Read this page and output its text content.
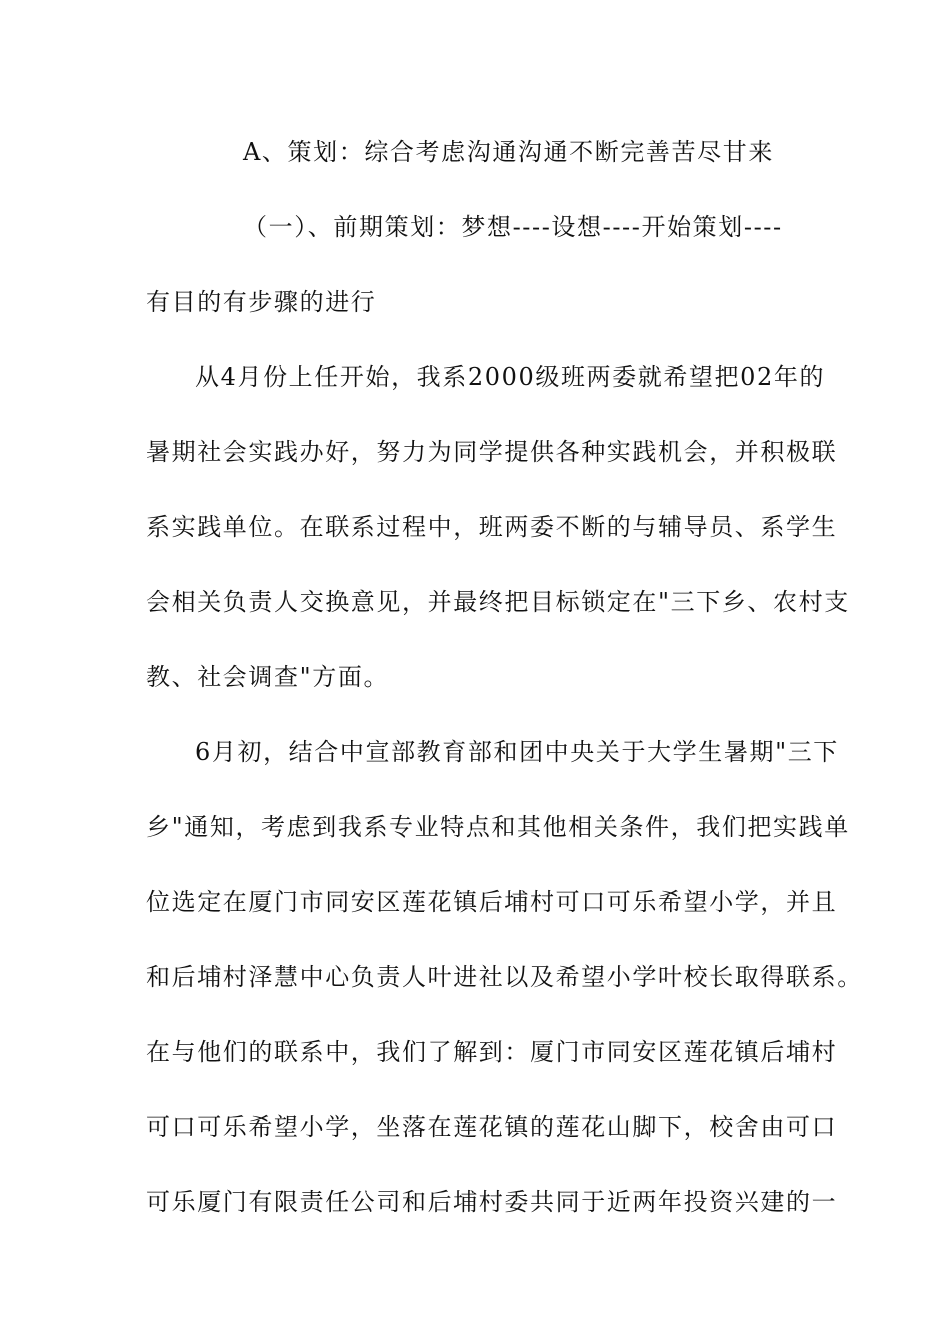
A、策划：综合考虑沟通沟通不断完善苦尽甘来
（一）、前期策划：梦想----设想----开始策划----
有目的有步骤的进行
从4月份上任开始，我系2000级班两委就希望把02年的
暑期社会实践办好，努力为同学提供各种实践机会，并积极联
系实践单位。在联系过程中，班两委不断的与辅导员、系学生
会相关负责人交换意见，并最终把目标锁定在"三下乡、农村支
教、社会调查"方面。
6月初，结合中宣部教育部和团中央关于大学生暑期"三下
乡"通知，考虑到我系专业特点和其他相关条件，我们把实践单
位选定在厦门市同安区莲花镇后埔村可口可乐希望小学，并且
和后埔村泽慧中心负责人叶进社以及希望小学叶校长取得联系。
在与他们的联系中，我们了解到：厦门市同安区莲花镇后埔村
可口可乐希望小学，坐落在莲花镇的莲花山脚下，校舍由可口
可乐厦门有限责任公司和后埔村委共同于近两年投资兴建的一
